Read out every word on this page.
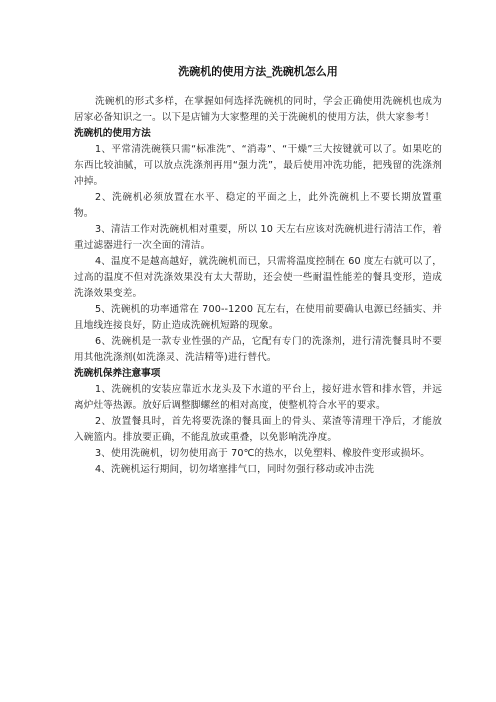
洗碗机的使用方法_洗碗机怎么用

洗碗机的形式多样，在掌握如何选择洗碗机的同时，学会正确使用洗碗机也成为居家必备知识之一。以下是店铺为大家整理的关于洗碗机的使用方法，供大家参考！

洗碗机的使用方法

1、平常清洗碗筷只需“标准洗”、“消毒”、“干燥”三大按键就可以了。如果吃的东西比较油腻，可以放点洗涤剂再用“强力洗”，最后使用冲洗功能，把残留的洗涤剂冲掉。

2、洗碗机必须放置在水平、稳定的平面之上，此外洗碗机上不要长期放置重物。

3、清洁工作对洗碗机相对重要，所以 10 天左右应该对洗碗机进行清洁工作，着重过滤器进行一次全面的清洁。

4、温度不是越高越好，就洗碗机而已，只需将温度控制在 60 度左右就可以了，过高的温度不但对洗涤效果没有太大帮助，还会使一些耐温性能差的餐具变形，造成洗涤效果变差。

5、洗碗机的功率通常在 700--1200 瓦左右，在使用前要确认电源已经插实、并且地线连接良好，防止造成洗碗机短路的现象。

6、洗碗机是一款专业性强的产品，它配有专门的洗涤剂，进行清洗餐具时不要用其他洗涤剂(如洗涤灵、洗洁精等)进行替代。

洗碗机保养注意事项

1、洗碗机的安装应靠近水龙头及下水道的平台上，接好进水管和排水管，并远离炉灶等热源。放好后调整脚螺丝的相对高度，使整机符合水平的要求。

2、放置餐具时，首先将要洗涤的餐具面上的骨头、菜渣等清理干净后，才能放入碗篮内。排放要正确，不能乱放或重叠，以免影响洗净度。

3、使用洗碗机，切勿使用高于 70℃的热水，以免塑料、橡胶件变形或损坏。

4、洗碗机运行期间，切勿堵塞排气口，同时勿强行移动或冲击洗
